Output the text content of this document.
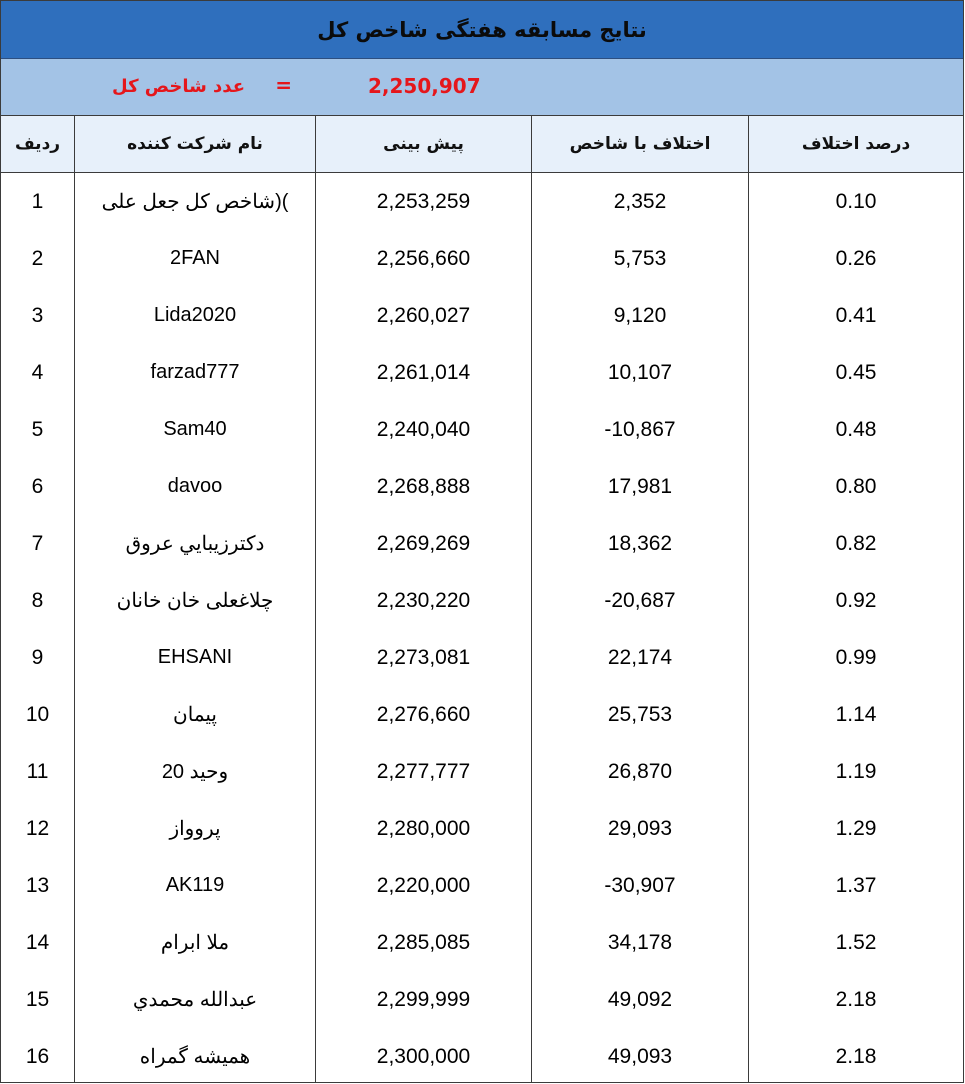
نتایج مسابقه هفتگی شاخص کل
عدد شاخص کل =	2,250,907
ردیف	نام شرکت کننده	پیش بینی	اختلاف با شاخص	درصد اختلاف
1	)(شاخص کل جعل علی	2,253,259	2,352	0.10
2	2FAN	2,256,660	5,753	0.26
3	Lida2020	2,260,027	9,120	0.41
4	farzad777	2,261,014	10,107	0.45
5	Sam40	2,240,040	-10,867	0.48
6	davoo	2,268,888	17,981	0.80
7	دکترزيبايي عروق	2,269,269	18,362	0.82
8	چلاغعلی خان خانان	2,230,220	-20,687	0.92
9	EHSANI	2,273,081	22,174	0.99
10	پیمان	2,276,660	25,753	1.14
11	وحید 20	2,277,777	26,870	1.19
12	پروواز	2,280,000	29,093	1.29
13	AK119	2,220,000	-30,907	1.37
14	ملا ابرام	2,285,085	34,178	1.52
15	عبدالله محمدي	2,299,999	49,092	2.18
16	همیشه گمراه	2,300,000	49,093	2.18
